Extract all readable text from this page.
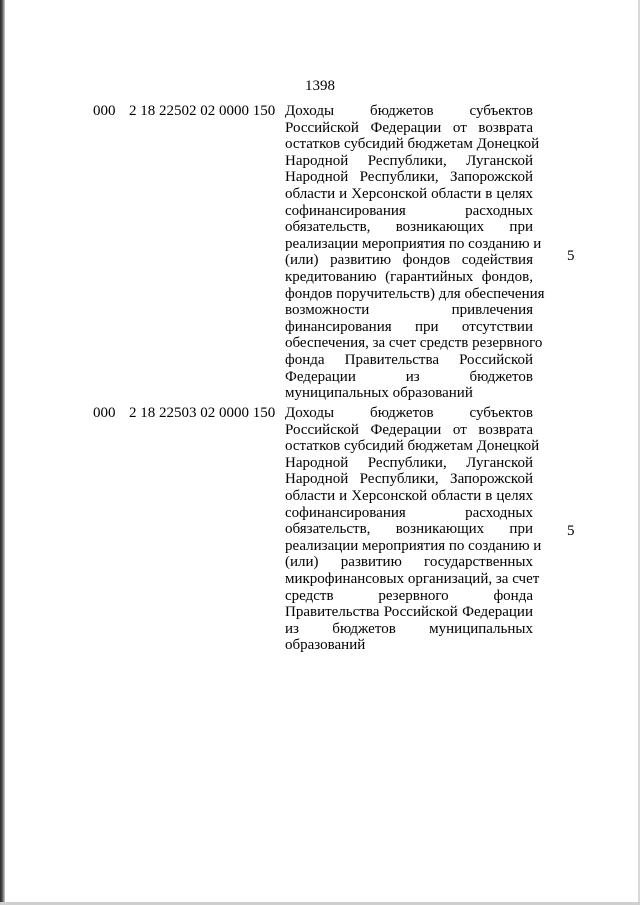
1398
000 2 18 22502 02 0000 150 Доходы бюджетов субъектов
Российской Федерации от возврата
остатков субсидий бюджетам Донецкой
Народной Республики, Луганской
Народной Республики, Запорожской
области и Херсонской области в целях
софинансирования расходных
обязательств, возникающих при
реализации мероприятия по созданию и
(или) развитию фондов содействия
кредитованию (гарантийных фондов,
фондов поручительств) для обеспечения
возможности привлечения
финансирования при отсутствии
обеспечения, за счет средств резервного
фонда Правительства Российской
Федерации из бюджетов
муниципальных образований
5
000 2 18 22503 02 0000 150 Доходы бюджетов субъектов
Российской Федерации от возврата
остатков субсидий бюджетам Донецкой
Народной Республики, Луганской
Народной Республики, Запорожской
области и Херсонской области в целях
софинансирования расходных
обязательств, возникающих при
реализации мероприятия по созданию и
(или) развитию государственных
микрофинансовых организаций, за счет
средств резервного фонда
Правительства Российской Федерации
из бюджетов муниципальных
образований
5
